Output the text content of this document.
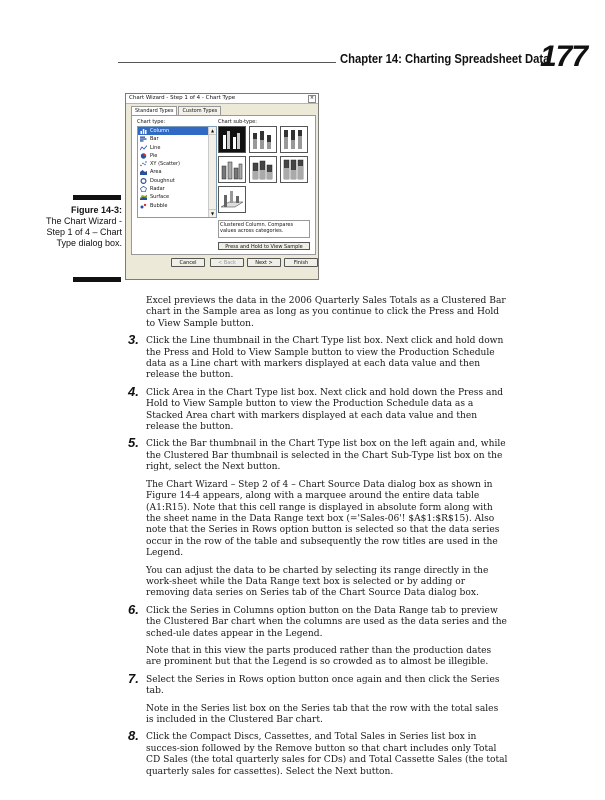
Chapter 14: Charting Spreadsheet Data
177
Figure 14-3:
The Chart Wizard - Step 1 of 4 – Chart Type dialog box.
Chart Wizard - Step 1 of 4 - Chart Type	×
Standard Types Custom Types
Chart type:	Chart sub-type:
Column
Bar
Line
Pie
XY (Scatter)
Area
Doughnut
Radar
Surface
Bubble
▲
▼
Clustered Column. Compares values across categories.
Press and Hold to View Sample
Cancel	< Back	Next >	Finish

Excel previews the data in the 2006 Quarterly Sales Totals as a Clustered Bar chart in the Sample area as long as you continue to click the Press and Hold to View Sample button.

3. Click the Line thumbnail in the Chart Type list box. Next click and hold down the Press and Hold to View Sample button to view the Production Schedule data as a Line chart with markers displayed at each data value and then release the button.
4. Click Area in the Chart Type list box. Next click and hold down the Press and Hold to View Sample button to view the Production Schedule data as a Stacked Area chart with markers displayed at each data value and then release the button.
5. Click the Bar thumbnail in the Chart Type list box on the left again and, while the Clustered Bar thumbnail is selected in the Chart Sub-Type list box on the right, select the Next button.

The Chart Wizard – Step 2 of 4 – Chart Source Data dialog box as shown in Figure 14-4 appears, along with a marquee around the entire data table (A1:R15). Note that this cell range is displayed in absolute form along with the sheet name in the Data Range text box (='Sales-06'! $A$1:$R$15). Also note that the Series in Rows option button is selected so that the data series occur in the row of the table and subsequently the row titles are used in the Legend.

You can adjust the data to be charted by selecting its range directly in the work-sheet while the Data Range text box is selected or by adding or removing data series on Series tab of the Chart Source Data dialog box.

6. Click the Series in Columns option button on the Data Range tab to preview the Clustered Bar chart when the columns are used as the data series and the sched-ule dates appear in the Legend.

Note that in this view the parts produced rather than the production dates are prominent but that the Legend is so crowded as to almost be illegible.

7. Select the Series in Rows option button once again and then click the Series tab.

Note in the Series list box on the Series tab that the row with the total sales is included in the Clustered Bar chart.

8. Click the Compact Discs, Cassettes, and Total Sales in Series list box in succes-sion followed by the Remove button so that chart includes only Total CD Sales (the total quarterly sales for CDs) and Total Cassette Sales (the total quarterly sales for cassettes). Select the Next button.
